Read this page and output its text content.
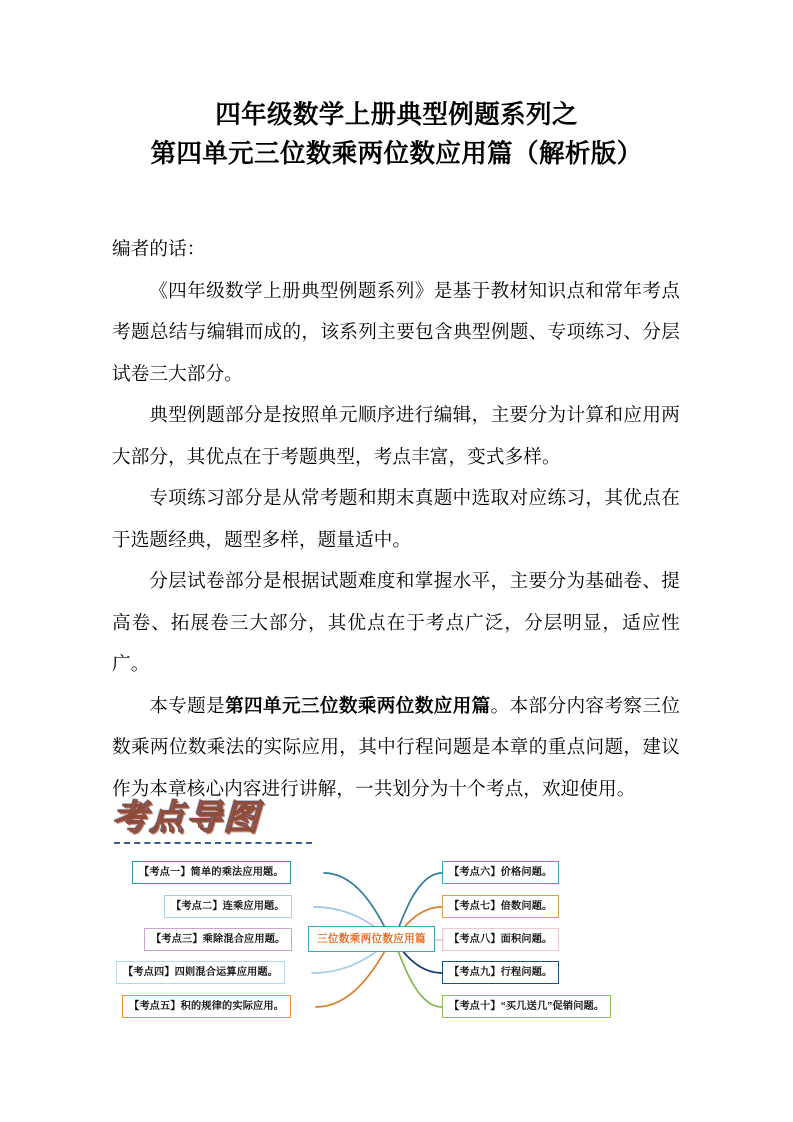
四年级数学上册典型例题系列之
第四单元三位数乘两位数应用篇（解析版）

编者的话：

《四年级数学上册典型例题系列》是基于教材知识点和常年考点考题总结与编辑而成的，该系列主要包含典型例题、专项练习、分层试卷三大部分。

典型例题部分是按照单元顺序进行编辑，主要分为计算和应用两大部分，其优点在于考题典型，考点丰富，变式多样。

专项练习部分是从常考题和期末真题中选取对应练习，其优点在于选题经典，题型多样，题量适中。

分层试卷部分是根据试题难度和掌握水平，主要分为基础卷、提高卷、拓展卷三大部分，其优点在于考点广泛，分层明显，适应性广。

本专题是第四单元三位数乘两位数应用篇。本部分内容考察三位数乘两位数乘法的实际应用，其中行程问题是本章的重点问题，建议作为本章核心内容进行讲解，一共划分为十个考点，欢迎使用。

考点导图
三位数乘两位数应用篇
【考点一】简单的乘法应用题。
【考点二】连乘应用题。
【考点三】乘除混合应用题。
【考点四】四则混合运算应用题。
【考点五】积的规律的实际应用。
【考点六】价格问题。
【考点七】倍数问题。
【考点八】面积问题。
【考点九】行程问题。
【考点十】“买几送几”促销问题。
